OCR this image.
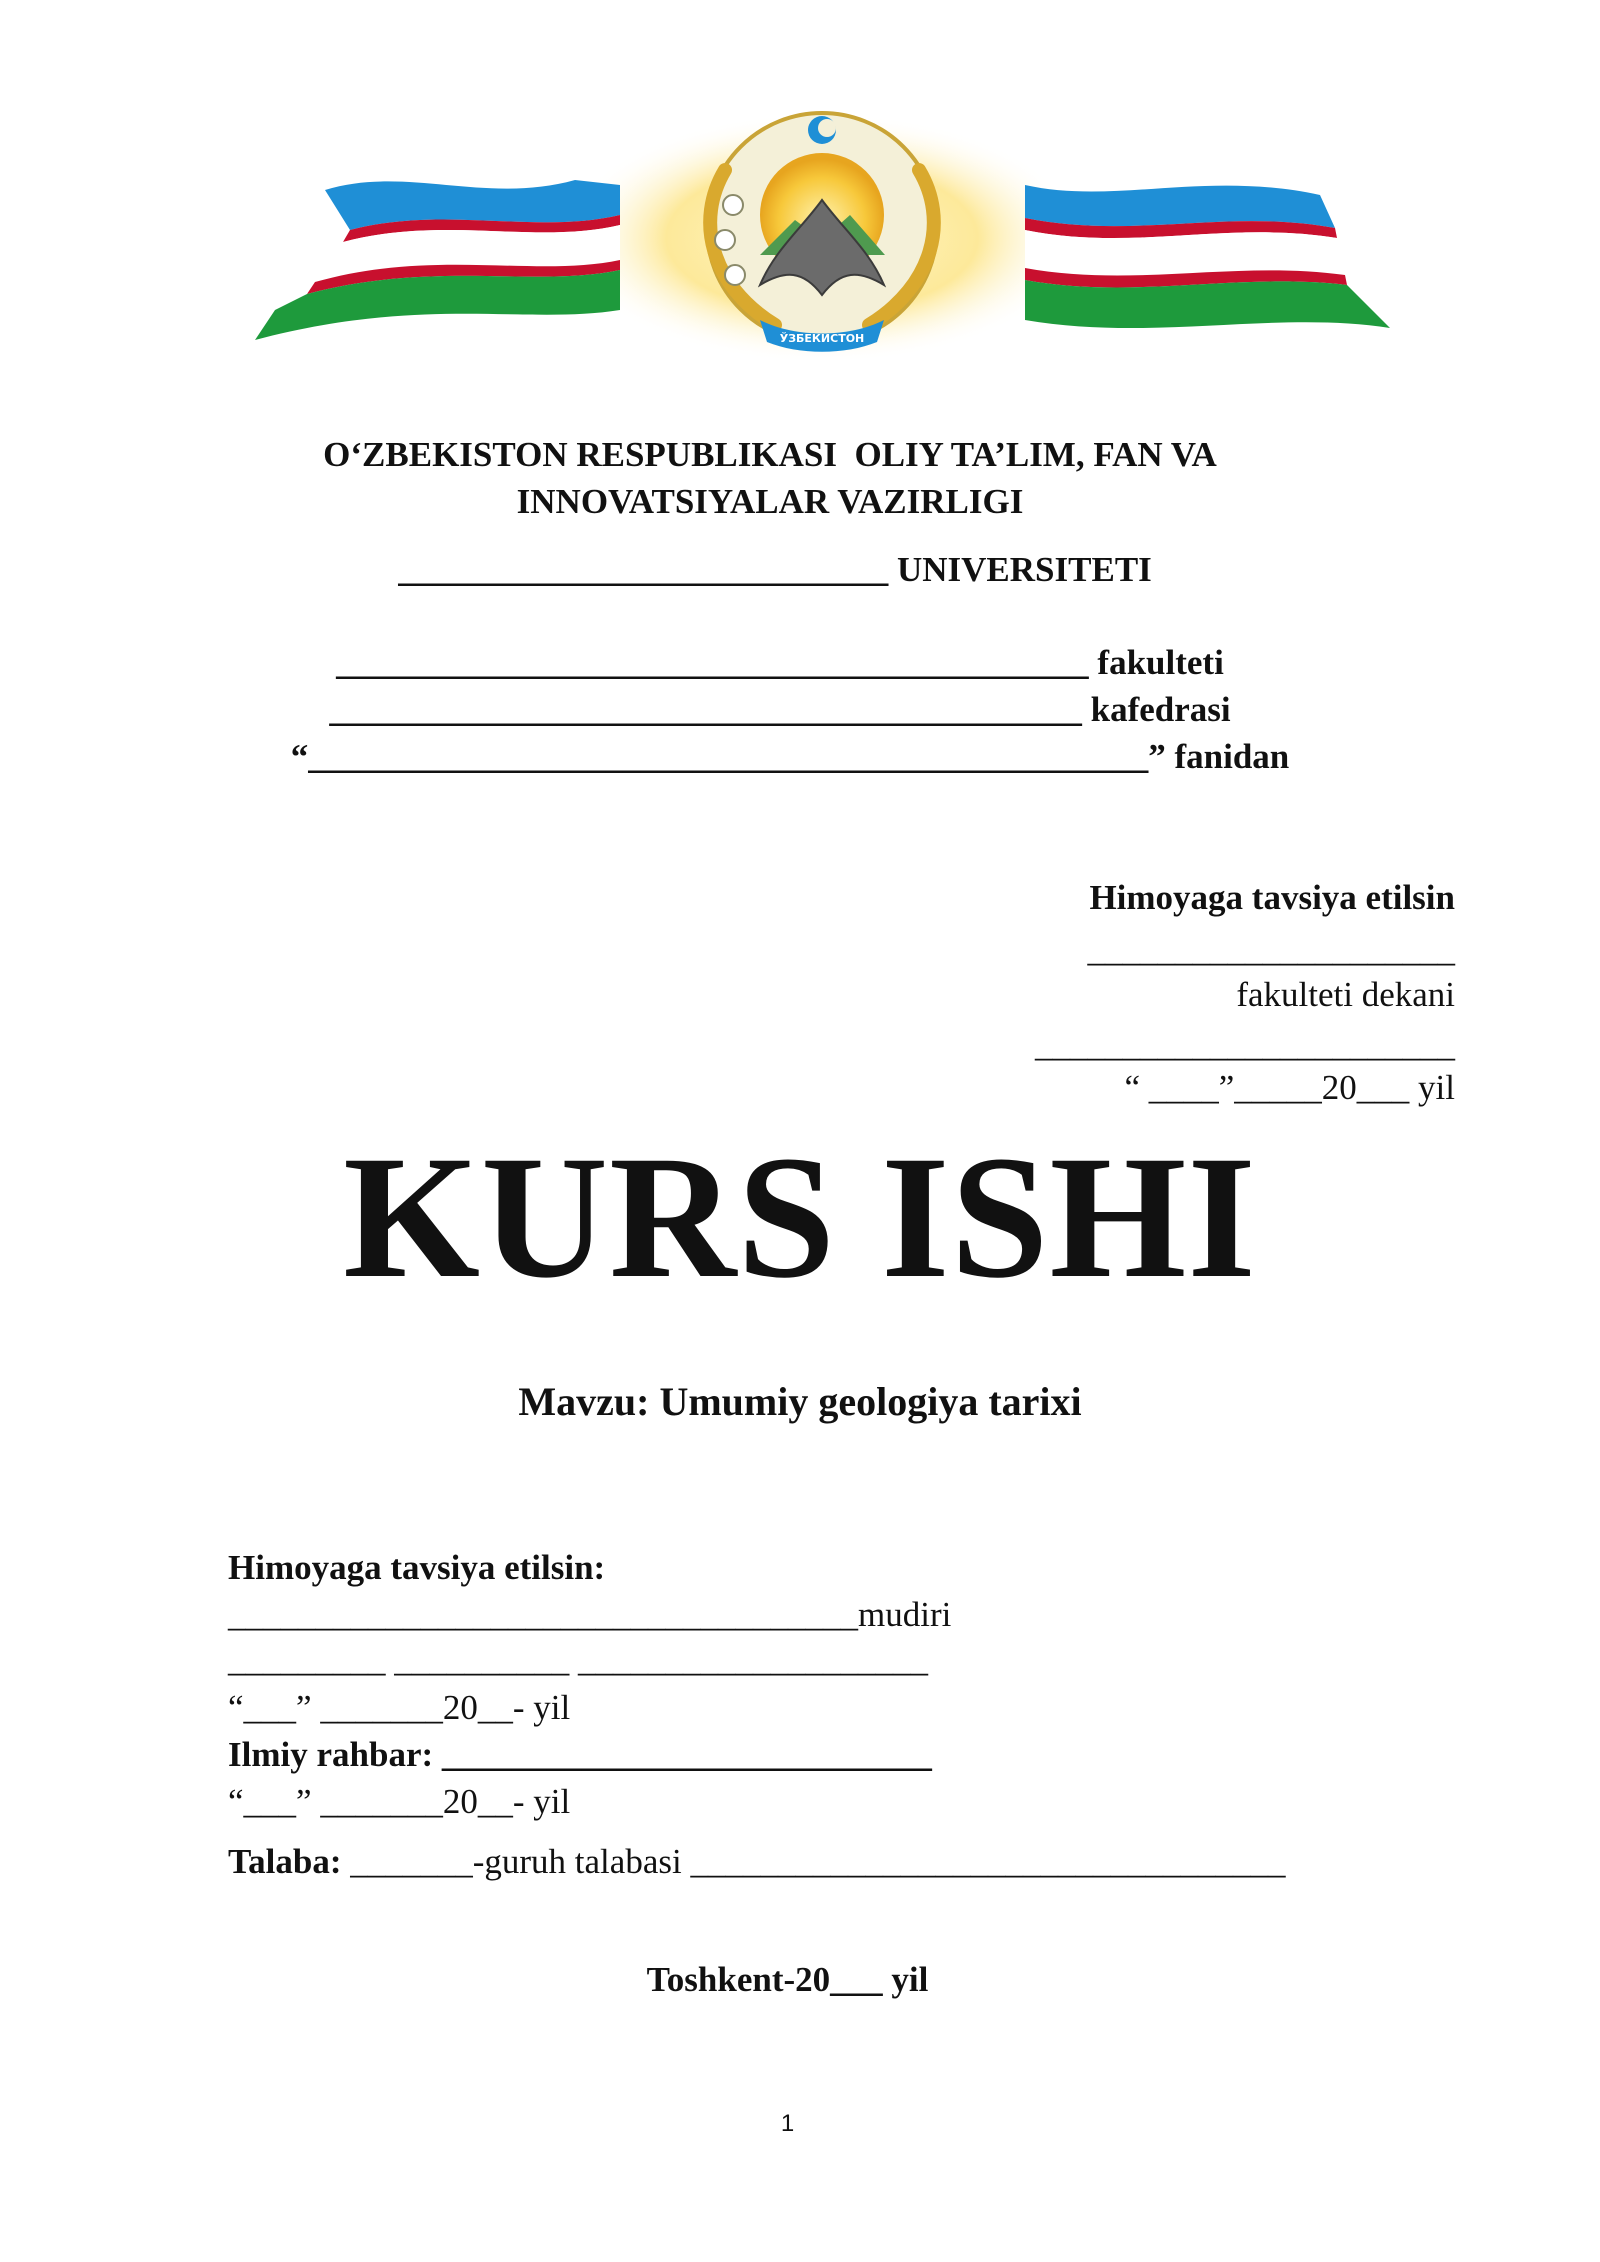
ЎЗБЕКИСТОН
O‘ZBEKISTON RESPUBLIKASI  OLIY TA’LIM, FAN VA
INNOVATSIYALAR VAZIRLIGI
____________________________ UNIVERSITETI
___________________________________________ fakulteti
___________________________________________ kafedrasi
“________________________________________________” fanidan
Himoyaga tavsiya etilsin
_____________________
fakulteti dekani
________________________
“ ____”_____20___ yil
KURS ISHI
Mavzu: Umumiy geologiya tarixi
Himoyaga tavsiya etilsin:
____________________________________mudiri
_________ __________ ____________________
“___” _______20__- yil
Ilmiy rahbar: ____________________________
“___” _______20__- yil
Talaba: _______-guruh talabasi __________________________________
Toshkent-20___ yil
1
